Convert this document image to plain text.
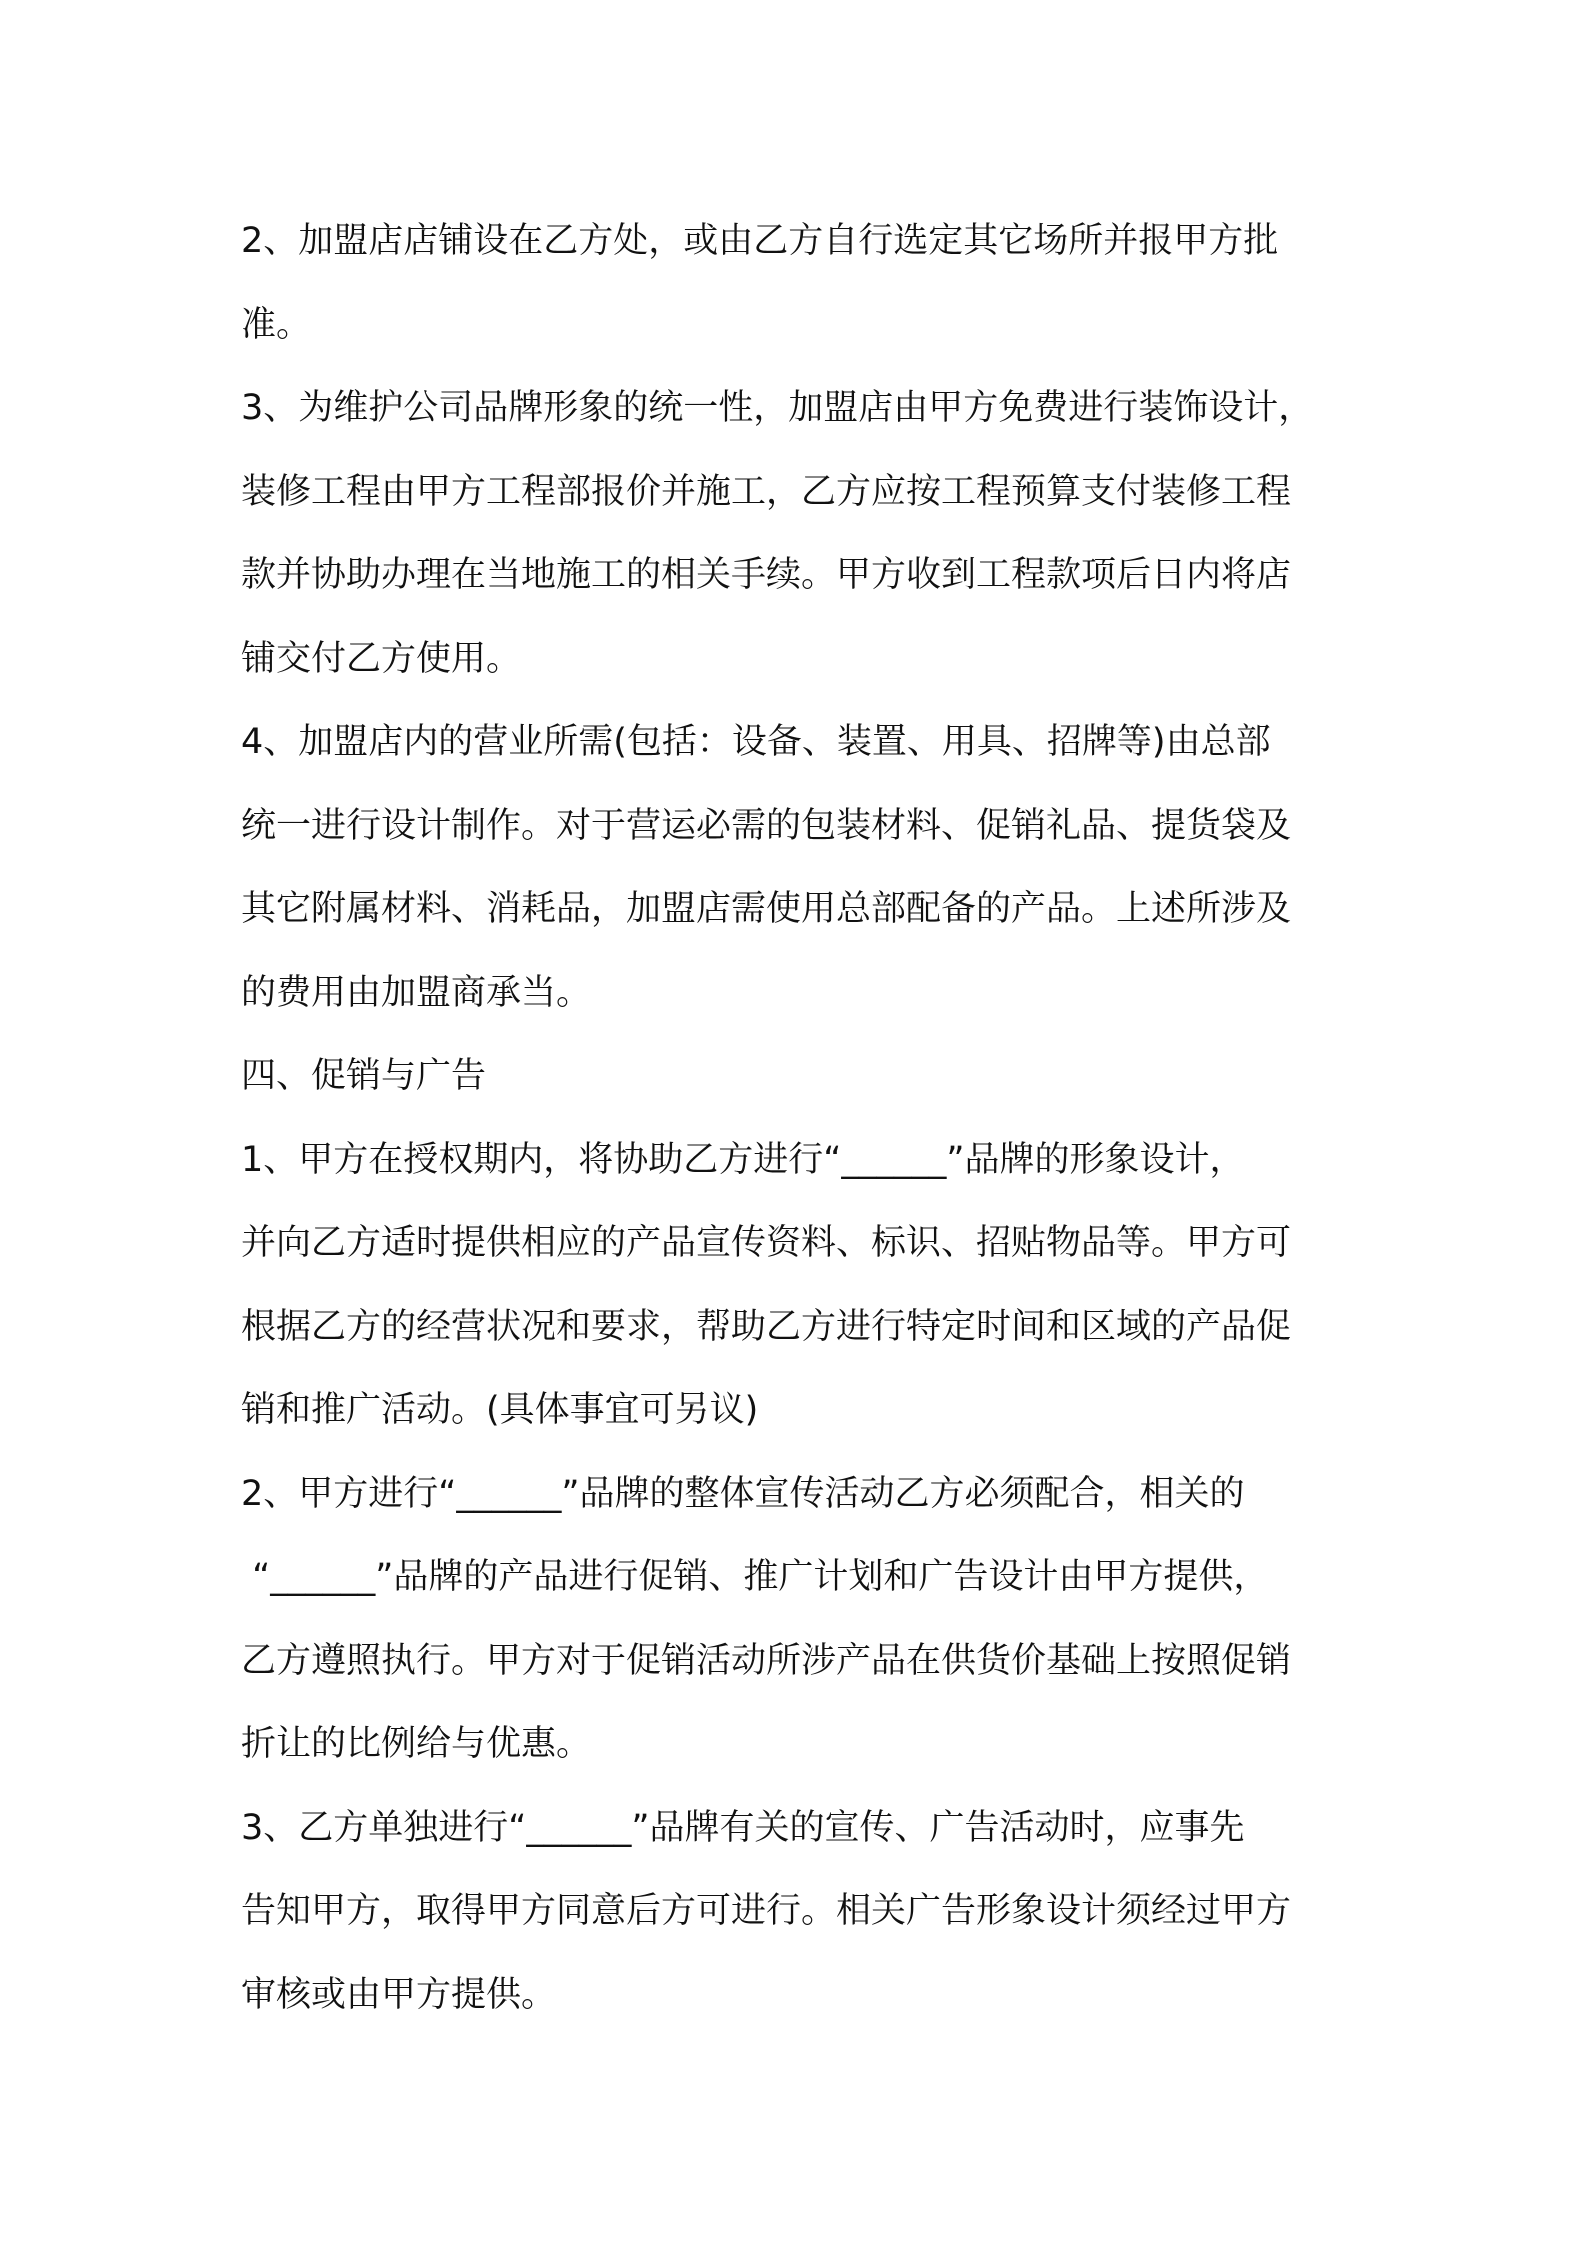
2、加盟店店铺设在乙方处，或由乙方自行选定其它场所并报甲方批
准。
3、为维护公司品牌形象的统一性，加盟店由甲方免费进行装饰设计，
装修工程由甲方工程部报价并施工，乙方应按工程预算支付装修工程
款并协助办理在当地施工的相关手续。甲方收到工程款项后日内将店
铺交付乙方使用。
4、加盟店内的营业所需(包括：设备、装置、用具、招牌等)由总部
统一进行设计制作。对于营运必需的包装材料、促销礼品、提货袋及
其它附属材料、消耗品，加盟店需使用总部配备的产品。上述所涉及
的费用由加盟商承当。
四、促销与广告
1、甲方在授权期内，将协助乙方进行“______”品牌的形象设计，
并向乙方适时提供相应的产品宣传资料、标识、招贴物品等。甲方可
根据乙方的经营状况和要求，帮助乙方进行特定时间和区域的产品促
销和推广活动。(具体事宜可另议)
2、甲方进行“______”品牌的整体宣传活动乙方必须配合，相关的
“______”品牌的产品进行促销、推广计划和广告设计由甲方提供，
乙方遵照执行。甲方对于促销活动所涉产品在供货价基础上按照促销
折让的比例给与优惠。
3、乙方单独进行“______”品牌有关的宣传、广告活动时，应事先
告知甲方，取得甲方同意后方可进行。相关广告形象设计须经过甲方
审核或由甲方提供。
